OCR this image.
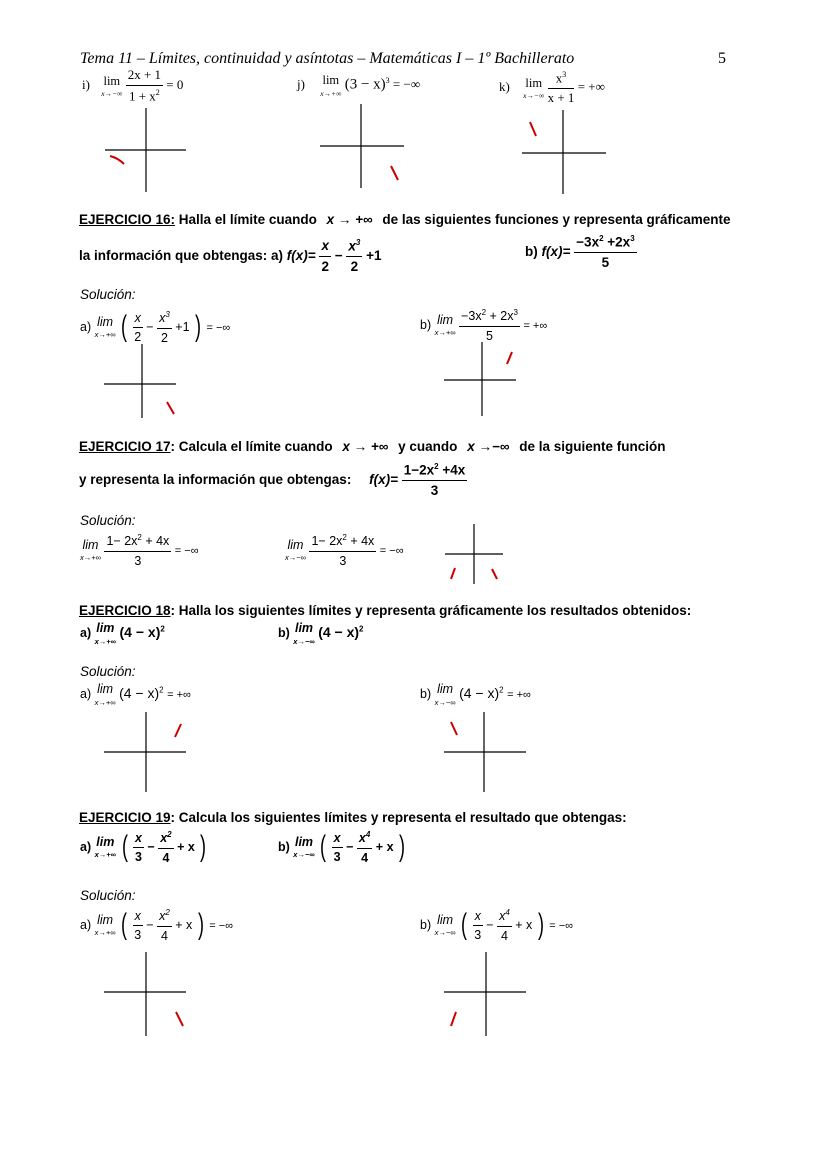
Tema 11 – Límites, continuidad y asíntotas – Matemáticas I – 1º Bachillerato	5
i) lim
x→−∞
$\frac{2x + 1}{1 + x^2} = 0$	j) lim
x→+∞
$(3 - x)^3$ = −∞	k) lim
x→−∞
$\frac{x^3}{x + 1}$ = +∞
EJERCICIO 16: Halla el límite cuando x → +∞ de las siguientes funciones y representa gráficamente
la información que obtengas: a) $f(x)= \frac{x}{2} - \frac{x^3}{2} +1$	b) $f(x)= \frac{-3x^2 +2x^3}{5}$
Solución:
a) lim
x→+∞ ( $\frac{x}{2} - \frac{x^3}{2} +1$ ) = −∞	b) lim
x→+∞
$\frac{-3x^2 + 2x^3}{5}$ = +∞
EJERCICIO 17: Calcula el límite cuando x → +∞ y cuando x →−∞ de la siguiente función
y representa la información que obtengas: $f(x)= \frac{1-2x^2 +4x}{3}$
Solución:
lim
x→+∞
$\frac{1- 2x^2 + 4x}{3}$ = −∞	lim
x→−∞
$\frac{1- 2x^2 + 4x}{3}$ = −∞
EJERCICIO 18: Halla los siguientes límites y representa gráficamente los resultados obtenidos:
a) lim
x→+∞
$(4 - x)^2$	b) lim
x→−∞
$(4 - x)^2$
Solución:
a) lim
x→+∞
$(4 - x)^2$ = +∞	b) lim
x→−∞
$(4 - x)^2$ = +∞
EJERCICIO 19: Calcula los siguientes límites y representa el resultado que obtengas:
a) lim
x→+∞ ( $\frac{x}{3} - \frac{x^2}{4} + x$ )	b) lim
x→−∞ ( $\frac{x}{3} - \frac{x^4}{4} + x$ )
Solución:
a) lim
x→+∞ ( $\frac{x}{3} - \frac{x^2}{4} + x$ ) = −∞	b) lim
x→−∞ ( $\frac{x}{3} - \frac{x^4}{4} + x$ ) = −∞
